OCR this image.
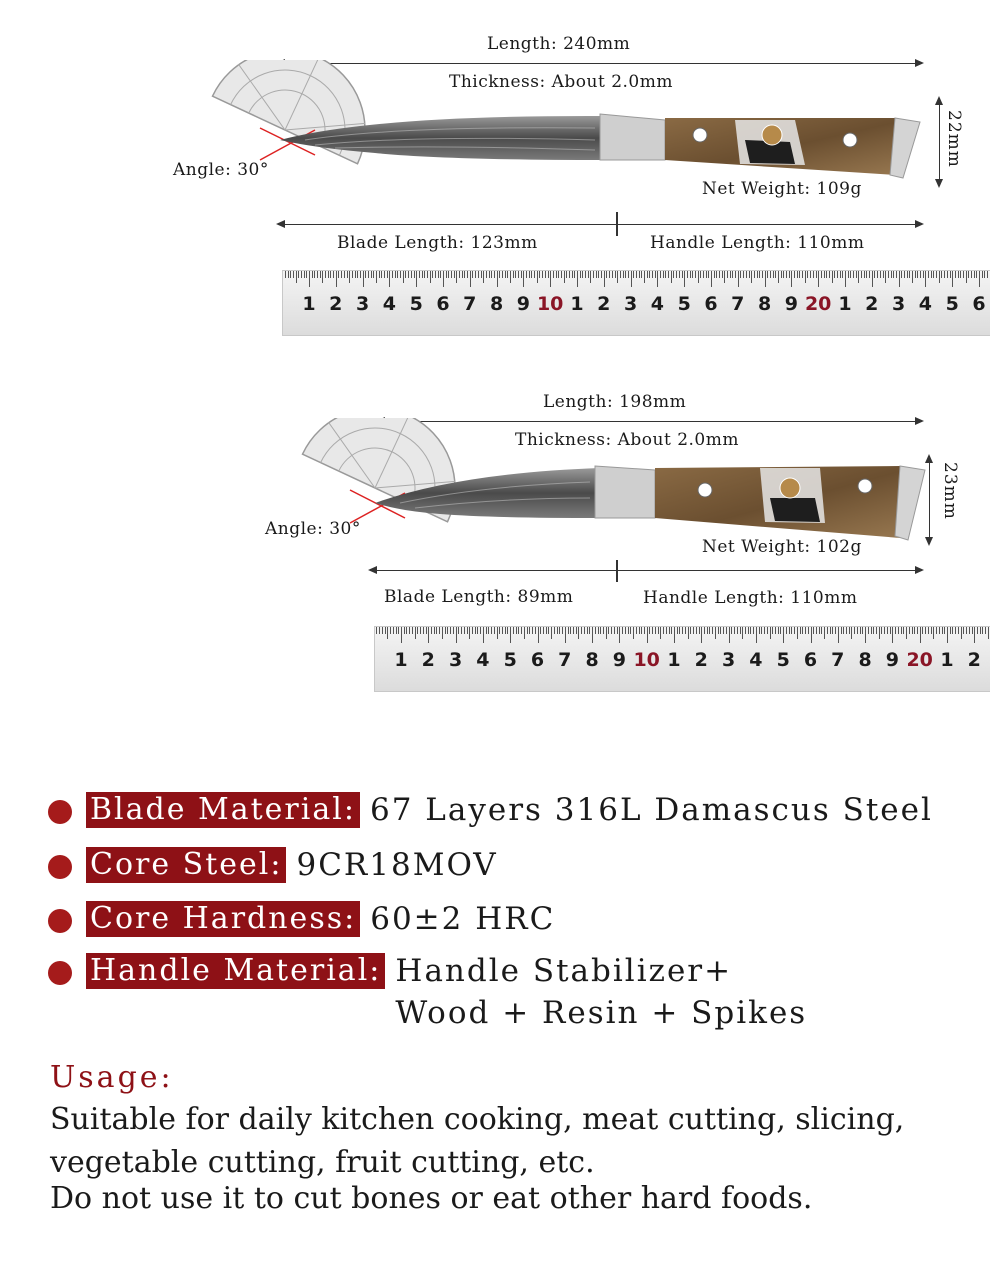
Length: 240mm
Thickness: About 2.0mm
Angle: 30°
22mm
Net Weight: 109g
Blade Length: 123mm	Handle Length: 110mm
1 2 3 4 5 6 7 8 9 10 1 2 3 4 5 6 7 8 9 20 1 2 3 4 5 6
Length: 198mm
Thickness: About 2.0mm
Angle: 30°
23mm
Net Weight: 102g
Blade Length: 89mm	Handle Length: 110mm
1 2 3 4 5 6 7 8 9 10 1 2 3 4 5 6 7 8 9 20 1 2
Blade Material: 67 Layers 316L Damascus Steel
Core Steel: 9CR18MOV
Core Hardness: 60±2 HRC
Handle Material: Handle Stabilizer+
Wood + Resin + Spikes
Usage:
Suitable for daily kitchen cooking, meat cutting, slicing,
vegetable cutting, fruit cutting, etc.
Do not use it to cut bones or eat other hard foods.
